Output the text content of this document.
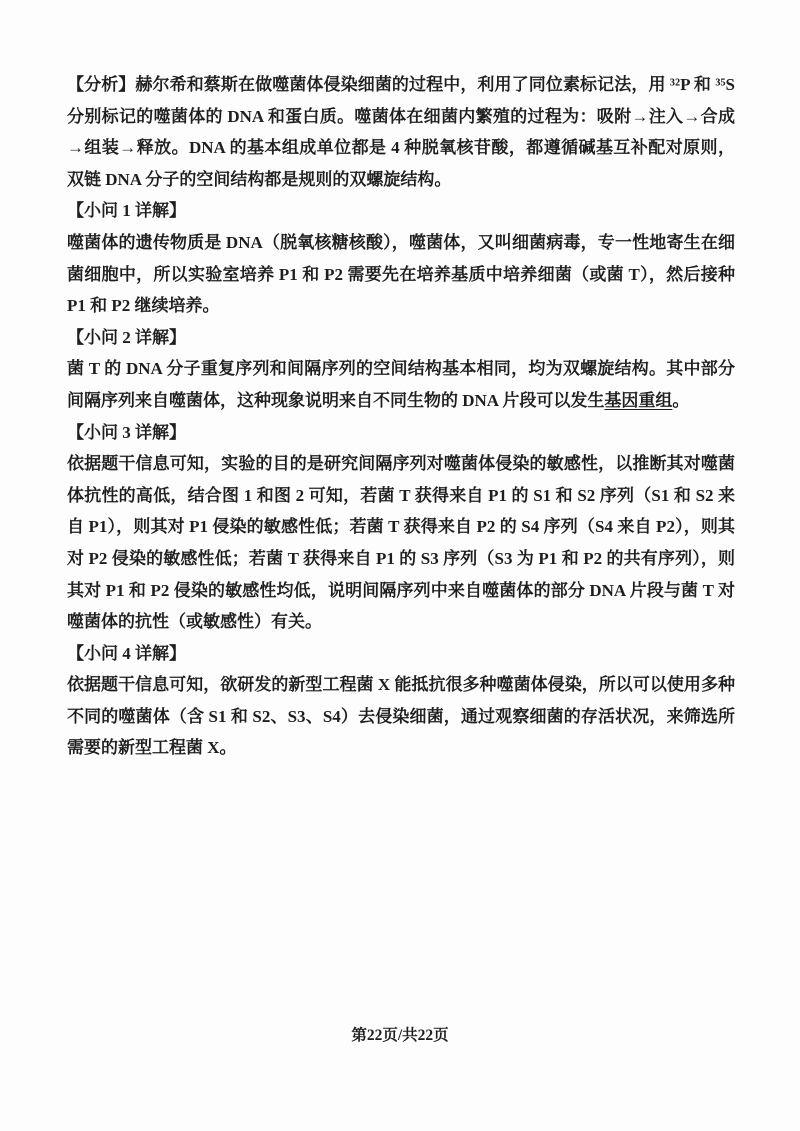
【分析】赫尔希和蔡斯在做噬菌体侵染细菌的过程中，利用了同位素标记法，用 ³²P 和 ³⁵S 分别标记的噬菌体的 DNA 和蛋白质。噬菌体在细菌内繁殖的过程为：吸附→注入→合成→组装→释放。DNA 的基本组成单位都是 4 种脱氧核苷酸，都遵循碱基互补配对原则，双链 DNA 分子的空间结构都是规则的双螺旋结构。

【小问 1 详解】

噬菌体的遗传物质是 DNA（脱氧核糖核酸），噬菌体，又叫细菌病毒，专一性地寄生在细菌细胞中，所以实验室培养 P1 和 P2 需要先在培养基质中培养细菌（或菌 T），然后接种 P1 和 P2 继续培养。

【小问 2 详解】

菌 T 的 DNA 分子重复序列和间隔序列的空间结构基本相同，均为双螺旋结构。其中部分间隔序列来自噬菌体，这种现象说明来自不同生物的 DNA 片段可以发生基因重组。

【小问 3 详解】

依据题干信息可知，实验的目的是研究间隔序列对噬菌体侵染的敏感性，以推断其对噬菌体抗性的高低，结合图 1 和图 2 可知，若菌 T 获得来自 P1 的 S1 和 S2 序列（S1 和 S2 来自 P1），则其对 P1 侵染的敏感性低；若菌 T 获得来自 P2 的 S4 序列（S4 来自 P2），则其对 P2 侵染的敏感性低；若菌 T 获得来自 P1 的 S3 序列（S3 为 P1 和 P2 的共有序列），则其对 P1 和 P2 侵染的敏感性均低，说明间隔序列中来自噬菌体的部分 DNA 片段与菌 T 对噬菌体的抗性（或敏感性）有关。

【小问 4 详解】

依据题干信息可知，欲研发的新型工程菌 X 能抵抗很多种噬菌体侵染，所以可以使用多种不同的噬菌体（含 S1 和 S2、S3、S4）去侵染细菌，通过观察细菌的存活状况，来筛选所需要的新型工程菌 X。

第22页/共22页
